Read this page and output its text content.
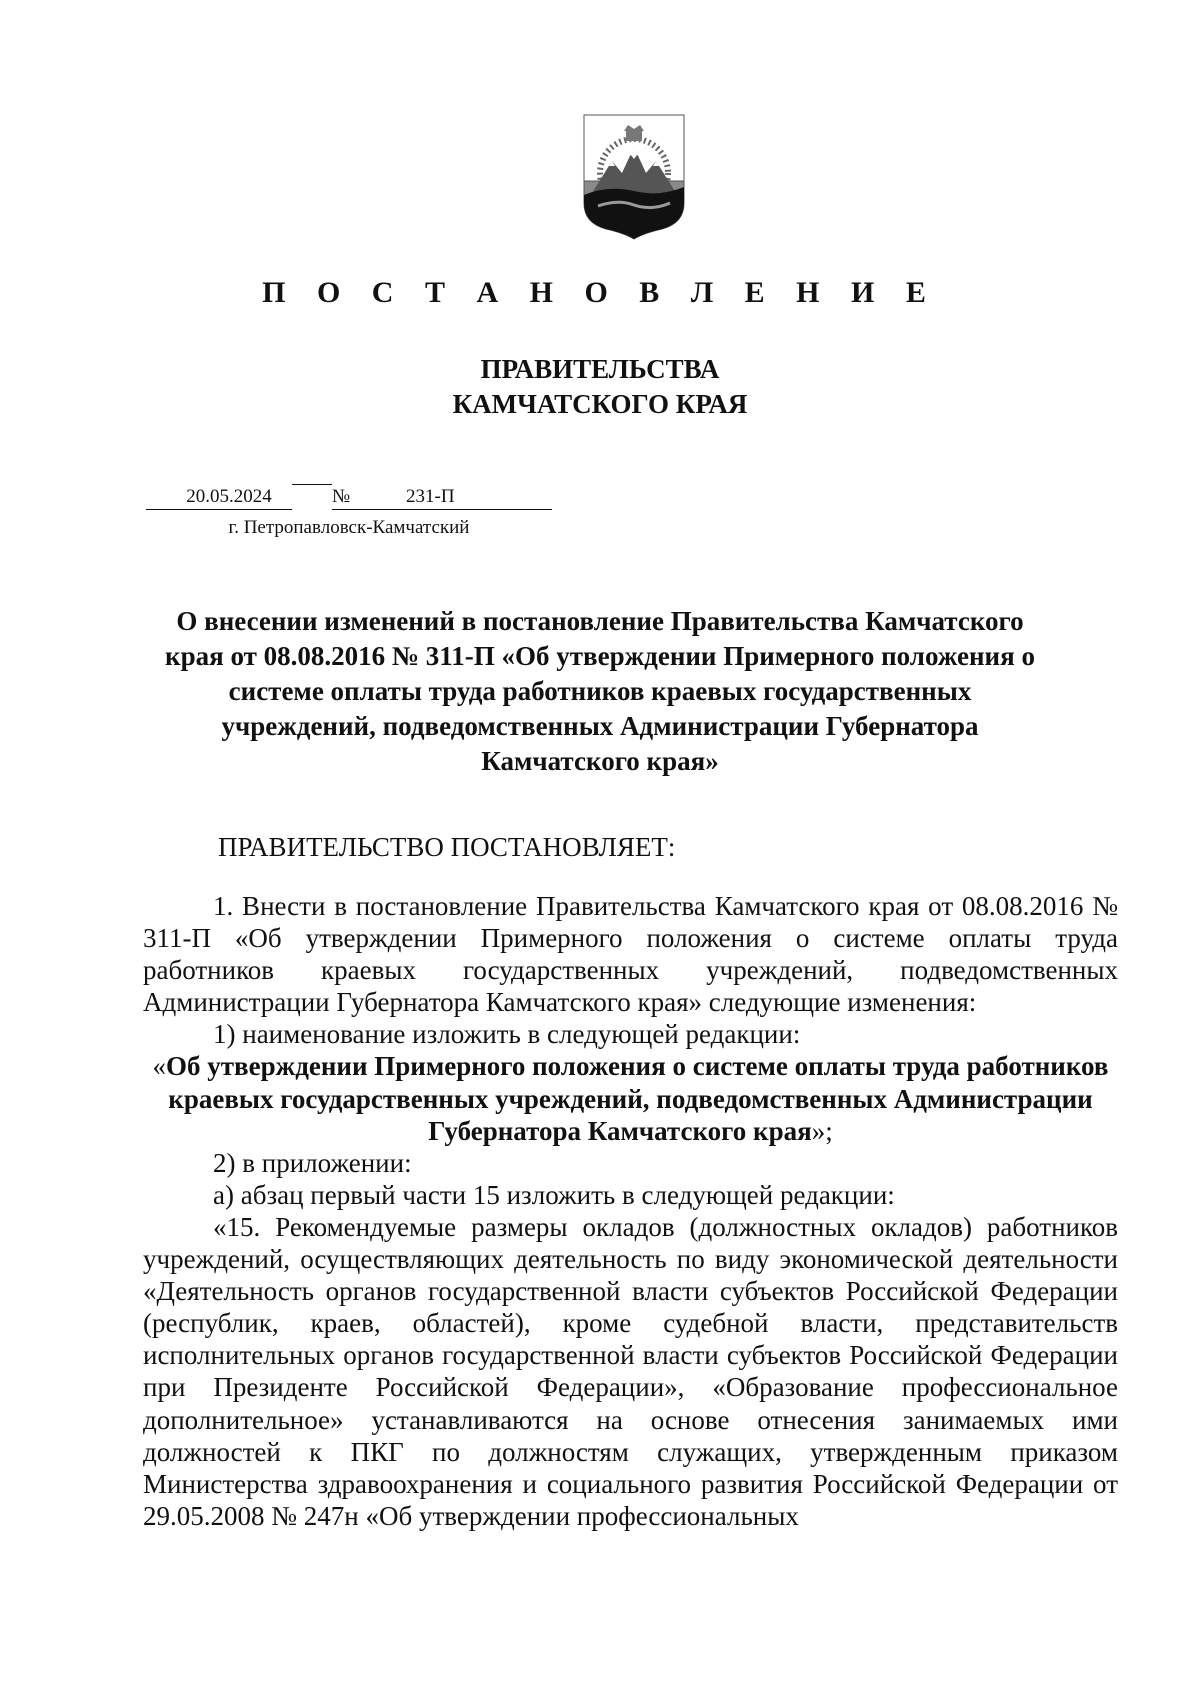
П О С Т А Н О В Л Е Н И Е
ПРАВИТЕЛЬСТВА
КАМЧАТСКОГО КРАЯ
20.05.2024	№	231-П
г. Петропавловск-Камчатский
О внесении изменений в постановление Правительства Камчатского
края от 08.08.2016 № 311-П «Об утверждении Примерного положения о
системе оплаты труда работников краевых государственных
учреждений, подведомственных Администрации Губернатора
Камчатского края»
ПРАВИТЕЛЬСТВО ПОСТАНОВЛЯЕТ:

1. Внести в постановление Правительства Камчатского края от 08.08.2016 № 311-П «Об утверждении Примерного положения о системе оплаты труда работников краевых государственных учреждений, подведомственных Администрации Губернатора Камчатского края» следующие изменения:

1) наименование изложить в следующей редакции:

«Об утверждении Примерного положения о системе оплаты труда работников краевых государственных учреждений, подведомственных Администрации Губернатора Камчатского края»;

2) в приложении:

а) абзац первый части 15 изложить в следующей редакции:

«15. Рекомендуемые размеры окладов (должностных окладов) работников учреждений, осуществляющих деятельность по виду экономической деятельности «Деятельность органов государственной власти субъектов Российской Федерации (республик, краев, областей), кроме судебной власти, представительств исполнительных органов государственной власти субъектов Российской Федерации при Президенте Российской Федерации», «Образование профессиональное дополнительное» устанавливаются на основе отнесения занимаемых ими должностей к ПКГ по должностям служащих, утвержденным приказом Министерства здравоохранения и социального развития Российской Федерации от 29.05.2008 № 247н «Об утверждении профессиональных
